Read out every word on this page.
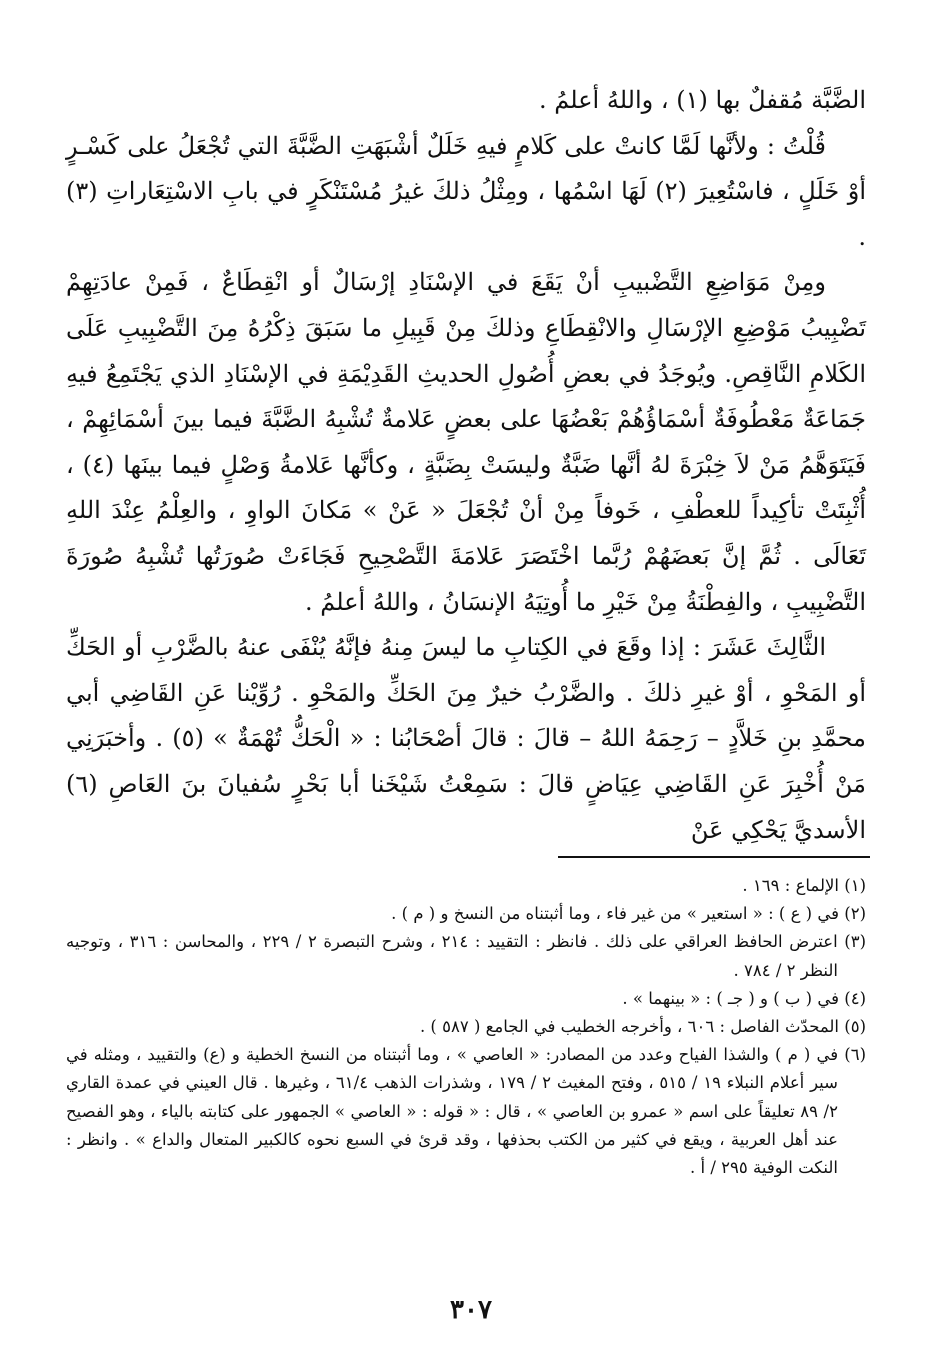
الضَّبَّة مُقفلٌ بها (١) ، واللهُ أعلمُ .

قُلْتُ : ولأنَّها لَمَّا كانتْ على كَلامٍ فيهِ خَلَلٌ أشْبَهَتِ الضَّبَّةَ التي تُجْعَلُ على كَسْـرٍ أوْ خَلَلٍ ، فاسْتُعِيرَ (٢) لَهَا اسْمُها ، ومِثْلُ ذلكَ غيرُ مُسْتَنْكَرٍ في بابِ الاسْتِعَاراتِ (٣) .

ومِنْ مَوَاضِعِ التَّضْبيبِ أنْ يَقَعَ في الإسْنَادِ إرْسَالٌ أو انْقِطَاعٌ ، فَمِنْ عادَتِهِمْ تَضْبِيبُ مَوْضِعِ الإرْسَالِ والانْقِطَاعِ وذلكَ مِنْ قَبِيلِ ما سَبَقَ ذِكْرُهُ مِنَ التَّضْبِيبِ عَلَى الكَلامِ النَّاقِصِ. ويُوجَدُ في بعضِ أُصُولِ الحديثِ القَدِيْمَةِ في الإسْنَادِ الذي يَجْتَمِعُ فيهِ جَمَاعَةٌ مَعْطُوفَةٌ أسْمَاؤُهُمْ بَعْضُهَا على بعضٍ عَلامةٌ تُشْبِهُ الضَّبَّةَ فيما بينَ أسْمَائِهِمْ ، فَيَتَوَهَّمُ مَنْ لاَ خِبْرَةَ لهُ أنَّها ضَبَّةٌ وليسَتْ بِضَبَّةٍ ، وكأنَّها عَلامةُ وَصْلٍ فيما بينَها (٤) ، أُثْبِتَتْ تأكِيداً للعطْفِ ، خَوفاً مِنْ أنْ تُجْعَلَ « عَنْ » مَكانَ الواوِ ، والعِلْمُ عِنْدَ اللهِ تَعَالَى . ثُمَّ إنَّ بَعضَهُمْ رُبَّما اخْتَصَرَ عَلامَةَ التَّصْحِيحِ فَجَاءَتْ صُورَتُها تُشْبِهُ صُورَةَ التَّضْبِيبِ ، والفِطْنَةُ مِنْ خَيْرِ ما أُوتِيَهُ الإنسَانُ ، واللهُ أعلمُ .

الثَّالِثَ عَشَرَ : إذا وقَعَ في الكِتابِ ما ليسَ مِنهُ فإنَّهُ يُنْفَى عنهُ بالضَّرْبِ أو الحَكِّ أو المَحْوِ ، أوْ غيرِ ذلكَ . والضَّرْبُ خيرٌ مِنَ الحَكِّ والمَحْوِ . رُوِّيْنا عَنِ القَاضِي أبي محمَّدِ بنِ خَلاَّدٍ – رَحِمَهُ اللهُ – قالَ : قالَ أصْحَابُنا : « الْحَكُّ تُهْمَةٌ » (٥) . وأخبَرَنِي مَنْ أُخْبِرَ عَنِ القَاضِي عِيَاضٍ قالَ : سَمِعْتُ شَيْخَنا أبا بَحْرٍ سُفيانَ بنَ العَاصِ (٦) الأسديَّ يَحْكِي عَنْ

(١) الإلماع : ١٦٩ .

(٢) في ( ع ) : « استعير » من غير فاء ، وما أثبتناه من النسخ و ( م ) .

(٣) اعترض الحافظ العراقي على ذلك . فانظر : التقييد : ٢١٤ ، وشرح التبصرة ٢ / ٢٢٩ ، والمحاسن : ٣١٦ ، وتوجيه النظر ٢ / ٧٨٤ .

(٤) في ( ب ) و ( جـ ) : « بينهما » .

(٥) المحدّث الفاصل : ٦٠٦ ، وأخرجه الخطيب في الجامع ( ٥٨٧ ) .

(٦) في ( م ) والشذا الفياح وعدد من المصادر: « العاصي » ، وما أثبتناه من النسخ الخطية و (ع) والتقييد ، ومثله في سير أعلام النبلاء ١٩ / ٥١٥ ، وفتح المغيث ٢ / ١٧٩ ، وشذرات الذهب ٦١/٤ ، وغيرها . قال العيني في عمدة القاري ٢/ ٨٩ تعليقاً على اسم « عمرو بن العاصي » ، قال : « قوله : « العاصي » الجمهور على كتابته بالياء ، وهو الفصيح عند أهل العربية ، ويقع في كثير من الكتب بحذفها ، وقد قرئ في السبع نحوه كالكبير المتعال والداع » . وانظر : النكت الوفية ٢٩٥ / أ .

٣٠٧
